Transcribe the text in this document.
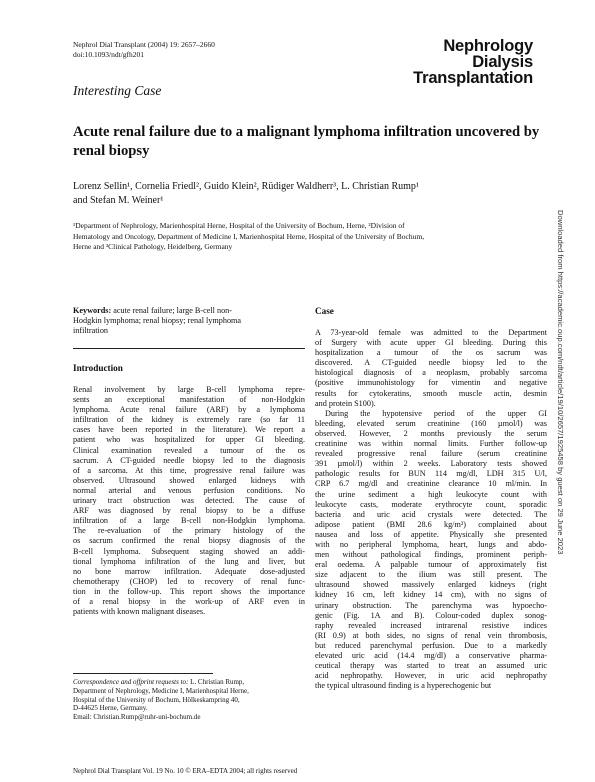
Nephrol Dial Transplant (2004) 19: 2657–2660
doi:10.1093/ndt/gfh201	Nephrology
Dialysis
Transplantation
Interesting Case
Acute renal failure due to a malignant lymphoma infiltration uncovered by renal biopsy
Lorenz Sellin¹, Cornelia Friedl², Guido Klein², Rüdiger Waldherr³, L. Christian Rump¹
and Stefan M. Weiner¹
¹Department of Nephrology, Marienhospital Herne, Hospital of the University of Bochum, Herne, ²Division of
Hematology and Oncology, Department of Medicine I, Marienhospital Herne, Hospital of the University of Bochum,
Herne and ³Clinical Pathology, Heidelberg, Germany
Keywords: acute renal failure; large B-cell non-
Hodgkin lymphoma; renal biopsy; renal lymphoma
infiltration
Introduction
Renal involvement by large B-cell lymphoma repre-
sents an exceptional manifestation of non-Hodgkin
lymphoma. Acute renal failure (ARF) by a lymphoma
infiltration of the kidney is extremely rare (so far 11
cases have been reported in the literature). We report a
patient who was hospitalized for upper GI bleeding.
Clinical examination revealed a tumour of the os
sacrum. A CT-guided needle biopsy led to the diagnosis
of a sarcoma. At this time, progressive renal failure was
observed. Ultrasound showed enlarged kidneys with
normal arterial and venous perfusion conditions. No
urinary tract obstruction was detected. The cause of
ARF was diagnosed by renal biopsy to be a diffuse
infiltration of a large B-cell non-Hodgkin lymphoma.
The re-evaluation of the primary histology of the
os sacrum confirmed the renal biopsy diagnosis of the
B-cell lymphoma. Subsequent staging showed an addi-
tional lymphoma infiltration of the lung and liver, but
no bone marrow infiltration. Adequate dose-adjusted
chemotherapy (CHOP) led to recovery of renal func-
tion in the follow-up. This report shows the importance
of a renal biopsy in the work-up of ARF even in
patients with known malignant diseases.
Correspondence and offprint requests to: L. Christian Rump,
Department of Nephrology, Medicine I, Marienhospital Herne,
Hospital of the University of Bochum, Hölkeskampring 40,
D-44625 Herne, Germany.
Email: Christian.Rump@ruhr-uni-bochum.de
Case
A 73-year-old female was admitted to the Department
of Surgery with acute upper GI bleeding. During this
hospitalization a tumour of the os sacrum was
discovered. A CT-guided needle biopsy led to the
histological diagnosis of a neoplasm, probably sarcoma
(positive immunohistology for vimentin and negative
results for cytokeratins, smooth muscle actin, desmin
and protein S100).
During the hypotensive period of the upper GI
bleeding, elevated serum creatinine (160 µmol/l) was
observed. However, 2 months previously the serum
creatinine was within normal limits. Further follow-up
revealed progressive renal failure (serum creatinine
391 µmol/l) within 2 weeks. Laboratory tests showed
pathologic results for BUN 114 mg/dl, LDH 315 U/l,
CRP 6.7 mg/dl and creatinine clearance 10 ml/min. In
the urine sediment a high leukocyte count with
leukocyte casts, moderate erythrocyte count, sporadic
bacteria and uric acid crystals were detected. The
adipose patient (BMI 28.6 kg/m²) complained about
nausea and loss of appetite. Physically she presented
with no peripheral lymphoma, heart, lungs and abdo-
men without pathological findings, prominent periph-
eral oedema. A palpable tumour of approximately fist
size adjacent to the ilium was still present. The
ultrasound showed massively enlarged kidneys (right
kidney 16 cm, left kidney 14 cm), with no signs of
urinary obstruction. The parenchyma was hypoecho-
genic (Fig. 1A and B). Colour-coded duplex sonog-
raphy revealed increased intrarenal resistive indices
(RI 0.9) at both sides, no signs of renal vein thrombosis,
but reduced parenchymal perfusion. Due to a markedly
elevated uric acid (14.4 mg/dl) a conservative pharma-
ceutical therapy was started to treat an assumed uric
acid nephropathy. However, in uric acid nephropathy
the typical ultrasound finding is a hyperechogenic but
Nephrol Dial Transplant Vol. 19 No. 10 © ERA–EDTA 2004; all rights reserved
Downloaded from https://academic.oup.com/ndt/article/19/10/2657/1925458 by guest on 29 June 2023
